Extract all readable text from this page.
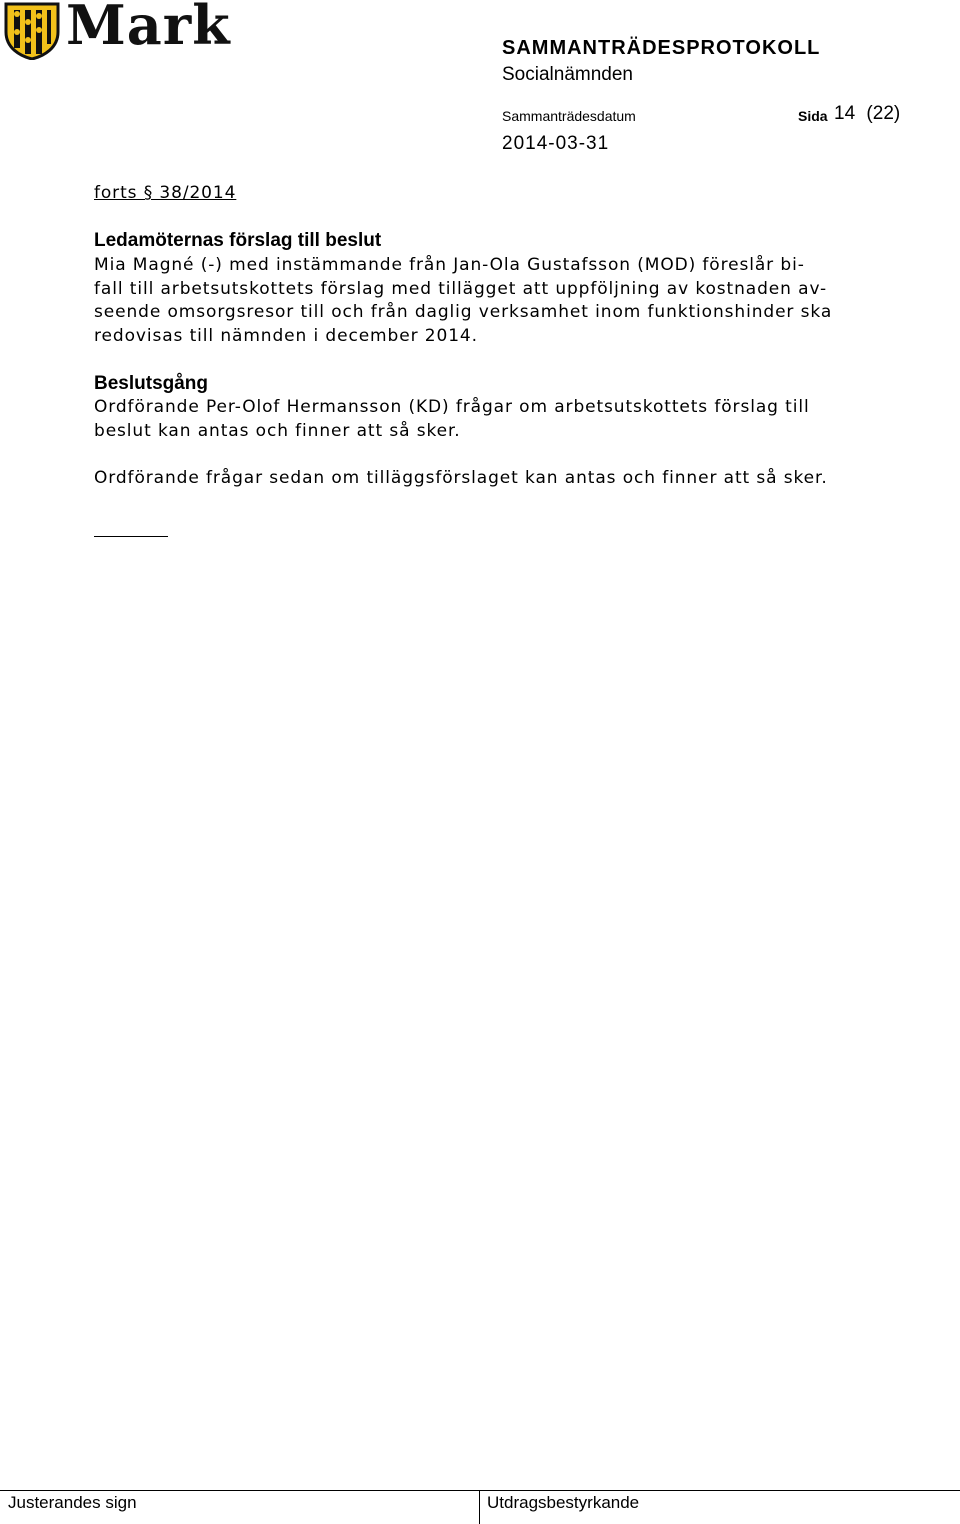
Mark	SAMMANTRÄDESPROTOKOLL
Socialnämnden
Sammanträdesdatum	Sida 14 (22)
2014-03-31
forts § 38/2014
Ledamöternas förslag till beslut
Mia Magné (-) med instämmande från Jan-Ola Gustafsson (MOD) föreslår bi-
fall till arbetsutskottets förslag med tillägget att uppföljning av kostnaden av-
seende omsorgsresor till och från daglig verksamhet inom funktionshinder ska
redovisas till nämnden i december 2014.
Beslutsgång
Ordförande Per-Olof Hermansson (KD) frågar om arbetsutskottets förslag till
beslut kan antas och finner att så sker.
Ordförande frågar sedan om tilläggsförslaget kan antas och finner att så sker.
Justerandes sign	Utdragsbestyrkande
